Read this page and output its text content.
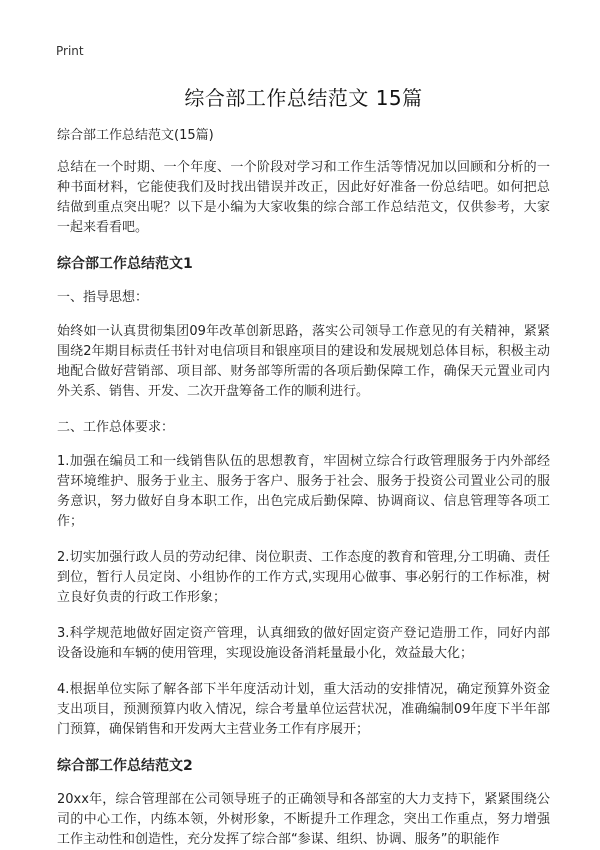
Print
综合部工作总结范文 15篇
综合部工作总结范文(15篇)
总结在一个时期、一个年度、一个阶段对学习和工作生活等情况加以回顾和分析的一种书面材料，它能使我们及时找出错误并改正，因此好好准备一份总结吧。如何把总结做到重点突出呢？以下是小编为大家收集的综合部工作总结范文，仅供参考，大家一起来看看吧。
综合部工作总结范文1
一、指导思想：
始终如一认真贯彻集团09年改革创新思路，落实公司领导工作意见的有关精神，紧紧围绕2年期目标责任书针对电信项目和银座项目的建设和发展规划总体目标，积极主动地配合做好营销部、项目部、财务部等所需的各项后勤保障工作，确保天元置业司内外关系、销售、开发、二次开盘筹备工作的顺利进行。
二、工作总体要求：
1.加强在编员工和一线销售队伍的思想教育，牢固树立综合行政管理服务于内外部经营环境维护、服务于业主、服务于客户、服务于社会、服务于投资公司置业公司的服务意识，努力做好自身本职工作，出色完成后勤保障、协调商议、信息管理等各项工作；
2.切实加强行政人员的劳动纪律、岗位职责、工作态度的教育和管理,分工明确、责任到位，暂行人员定岗、小组协作的工作方式,实现用心做事、事必躬行的工作标准，树立良好负责的行政工作形象；
3.科学规范地做好固定资产管理，认真细致的做好固定资产登记造册工作，同好内部设备设施和车辆的使用管理，实现设施设备消耗量最小化，效益最大化；
4.根据单位实际了解各部下半年度活动计划，重大活动的安排情况，确定预算外资金支出项目，预测预算内收入情况，综合考量单位运营状况，准确编制09年度下半年部门预算，确保销售和开发两大主营业务工作有序展开；
综合部工作总结范文2
20xx年，综合管理部在公司领导班子的正确领导和各部室的大力支持下，紧紧围绕公司的中心工作，内练本领，外树形象，不断提升工作理念，突出工作重点，努力增强工作主动性和创造性，充分发挥了综合部“参谋、组织、协调、服务”的职能作
